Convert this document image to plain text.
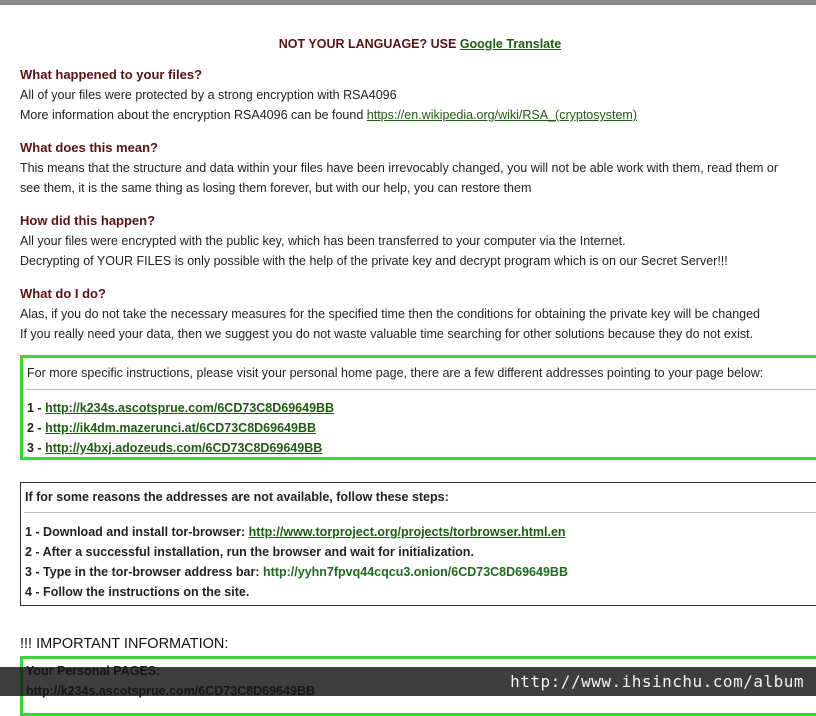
NOT YOUR LANGUAGE? USE Google Translate
What happened to your files?
All of your files were protected by a strong encryption with RSA4096
More information about the encryption RSA4096 can be found https://en.wikipedia.org/wiki/RSA_(cryptosystem)
What does this mean?
This means that the structure and data within your files have been irrevocably changed, you will not be able work with them, read them or
see them, it is the same thing as losing them forever, but with our help, you can restore them
How did this happen?
All your files were encrypted with the public key, which has been transferred to your computer via the Internet.
Decrypting of YOUR FILES is only possible with the help of the private key and decrypt program which is on our Secret Server!!!
What do I do?
Alas, if you do not take the necessary measures for the specified time then the conditions for obtaining the private key will be changed
If you really need your data, then we suggest you do not waste valuable time searching for other solutions because they do not exist.
For more specific instructions, please visit your personal home page, there are a few different addresses pointing to your page below:
1 - http://k234s.ascotsprue.com/6CD73C8D69649BB
2 - http://ik4dm.mazerunci.at/6CD73C8D69649BB
3 - http://y4bxj.adozeuds.com/6CD73C8D69649BB
If for some reasons the addresses are not available, follow these steps:
1 - Download and install tor-browser: http://www.torproject.org/projects/torbrowser.html.en
2 - After a successful installation, run the browser and wait for initialization.
3 - Type in the tor-browser address bar: http://yyhn7fpvq44cqcu3.onion/6CD73C8D69649BB
4 - Follow the instructions on the site.
!!! IMPORTANT INFORMATION:
http://www.ihsinchu.com/album
